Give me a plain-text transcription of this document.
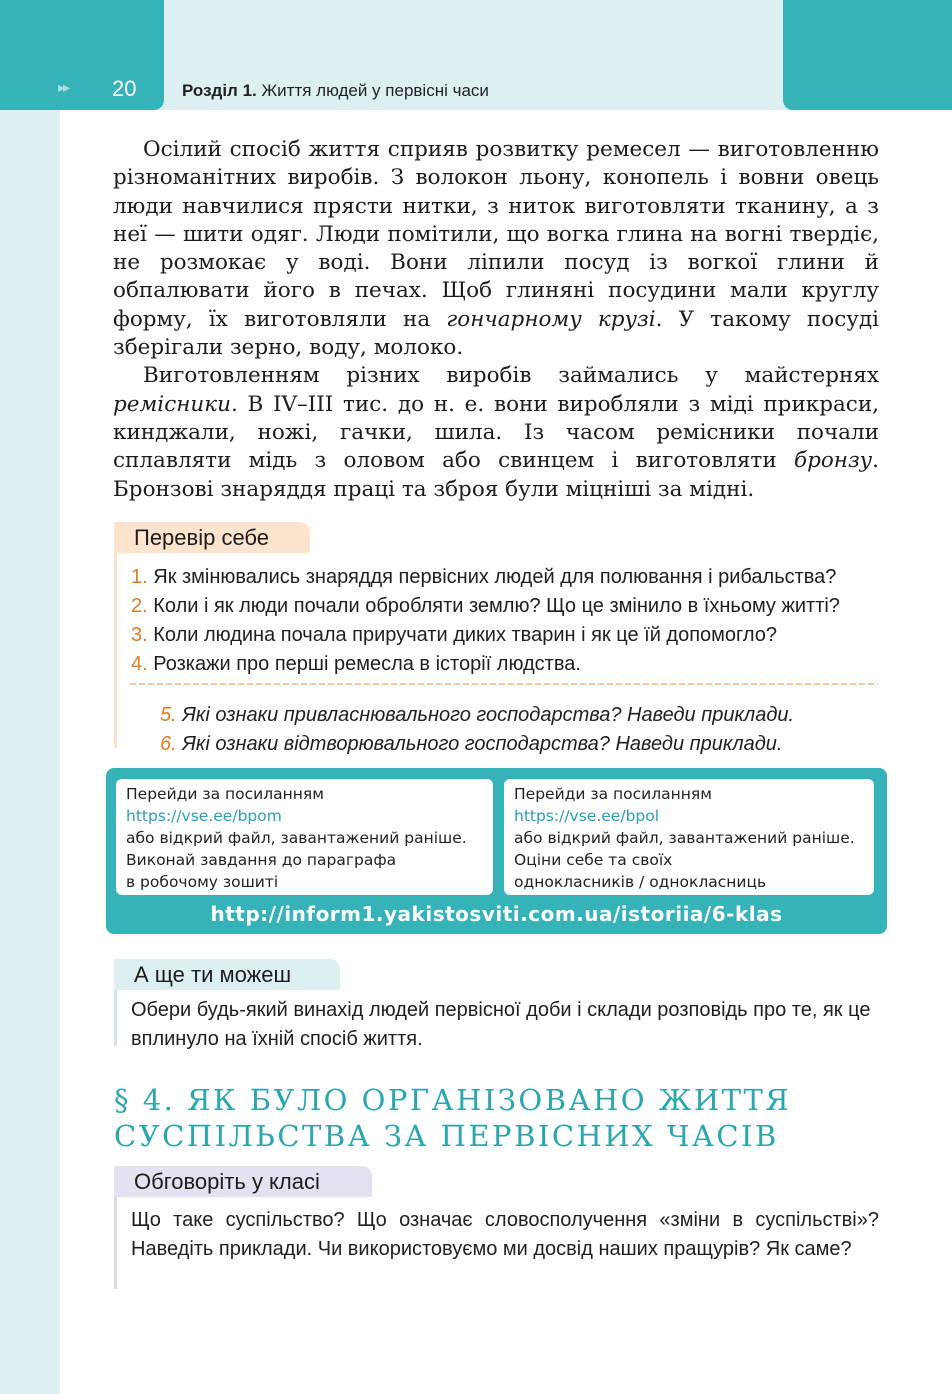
▸▸ 20	Розділ 1. Життя людей у первісні часи

Осілий спосіб життя сприяв розвитку ремесел — виготовленню різноманітних виробів. З волокон льону, конопель і вовни овець люди навчилися прясти нитки, з ниток виготовляти тканину, а з неї — шити одяг. Люди помітили, що вогка глина на вогні твердіє, не розмокає у воді. Вони ліпили посуд із вогкої глини й обпалювати його в печах. Щоб глиняні посудини мали круглу форму, їх виготовляли на гончарному крузі. У такому посуді зберігали зерно, воду, молоко.

Виготовленням різних виробів займались у майстернях ремісники. В IV–III тис. до н. е. вони виробляли з міді прикраси, кинджали, ножі, гачки, шила. Із часом ремісники почали сплавляти мідь з оловом або свинцем і виготовляти бронзу. Бронзові знаряддя праці та зброя були міцніші за мідні.

Перевір себе
1. Як змінювались знаряддя первісних людей для полювання і рибальства?
2. Коли і як люди почали обробляти землю? Що це змінило в їхньому житті?
3. Коли людина почала приручати диких тварин і як це їй допомогло?
4. Розкажи про перші ремесла в історії людства.
5. Які ознаки привласнювального господарства? Наведи приклади.
6. Які ознаки відтворювального господарства? Наведи приклади.
Перейди за посиланням
https://vse.ee/bpom
або відкрий файл, завантажений раніше.
Виконай завдання до параграфа
в робочому зошиті
Перейди за посиланням
https://vse.ee/bpol
або відкрий файл, завантажений раніше.
Оціни себе та своїх
однокласників / однокласниць
http://inform1.yakistosviti.com.ua/istoriia/6-klas
А ще ти можеш
Обери будь-який винахід людей первісної доби і склади розповідь про те, як це вплинуло на їхній спосіб життя.
§ 4. ЯК БУЛО ОРГАНІЗОВАНО ЖИТТЯ
СУСПІЛЬСТВА ЗА ПЕРВІСНИХ ЧАСІВ
Обговоріть у класі
Що таке суспільство? Що означає словосполучення «зміни в суспільстві»? Наведіть приклади. Чи використовуємо ми досвід наших пращурів? Як саме?
